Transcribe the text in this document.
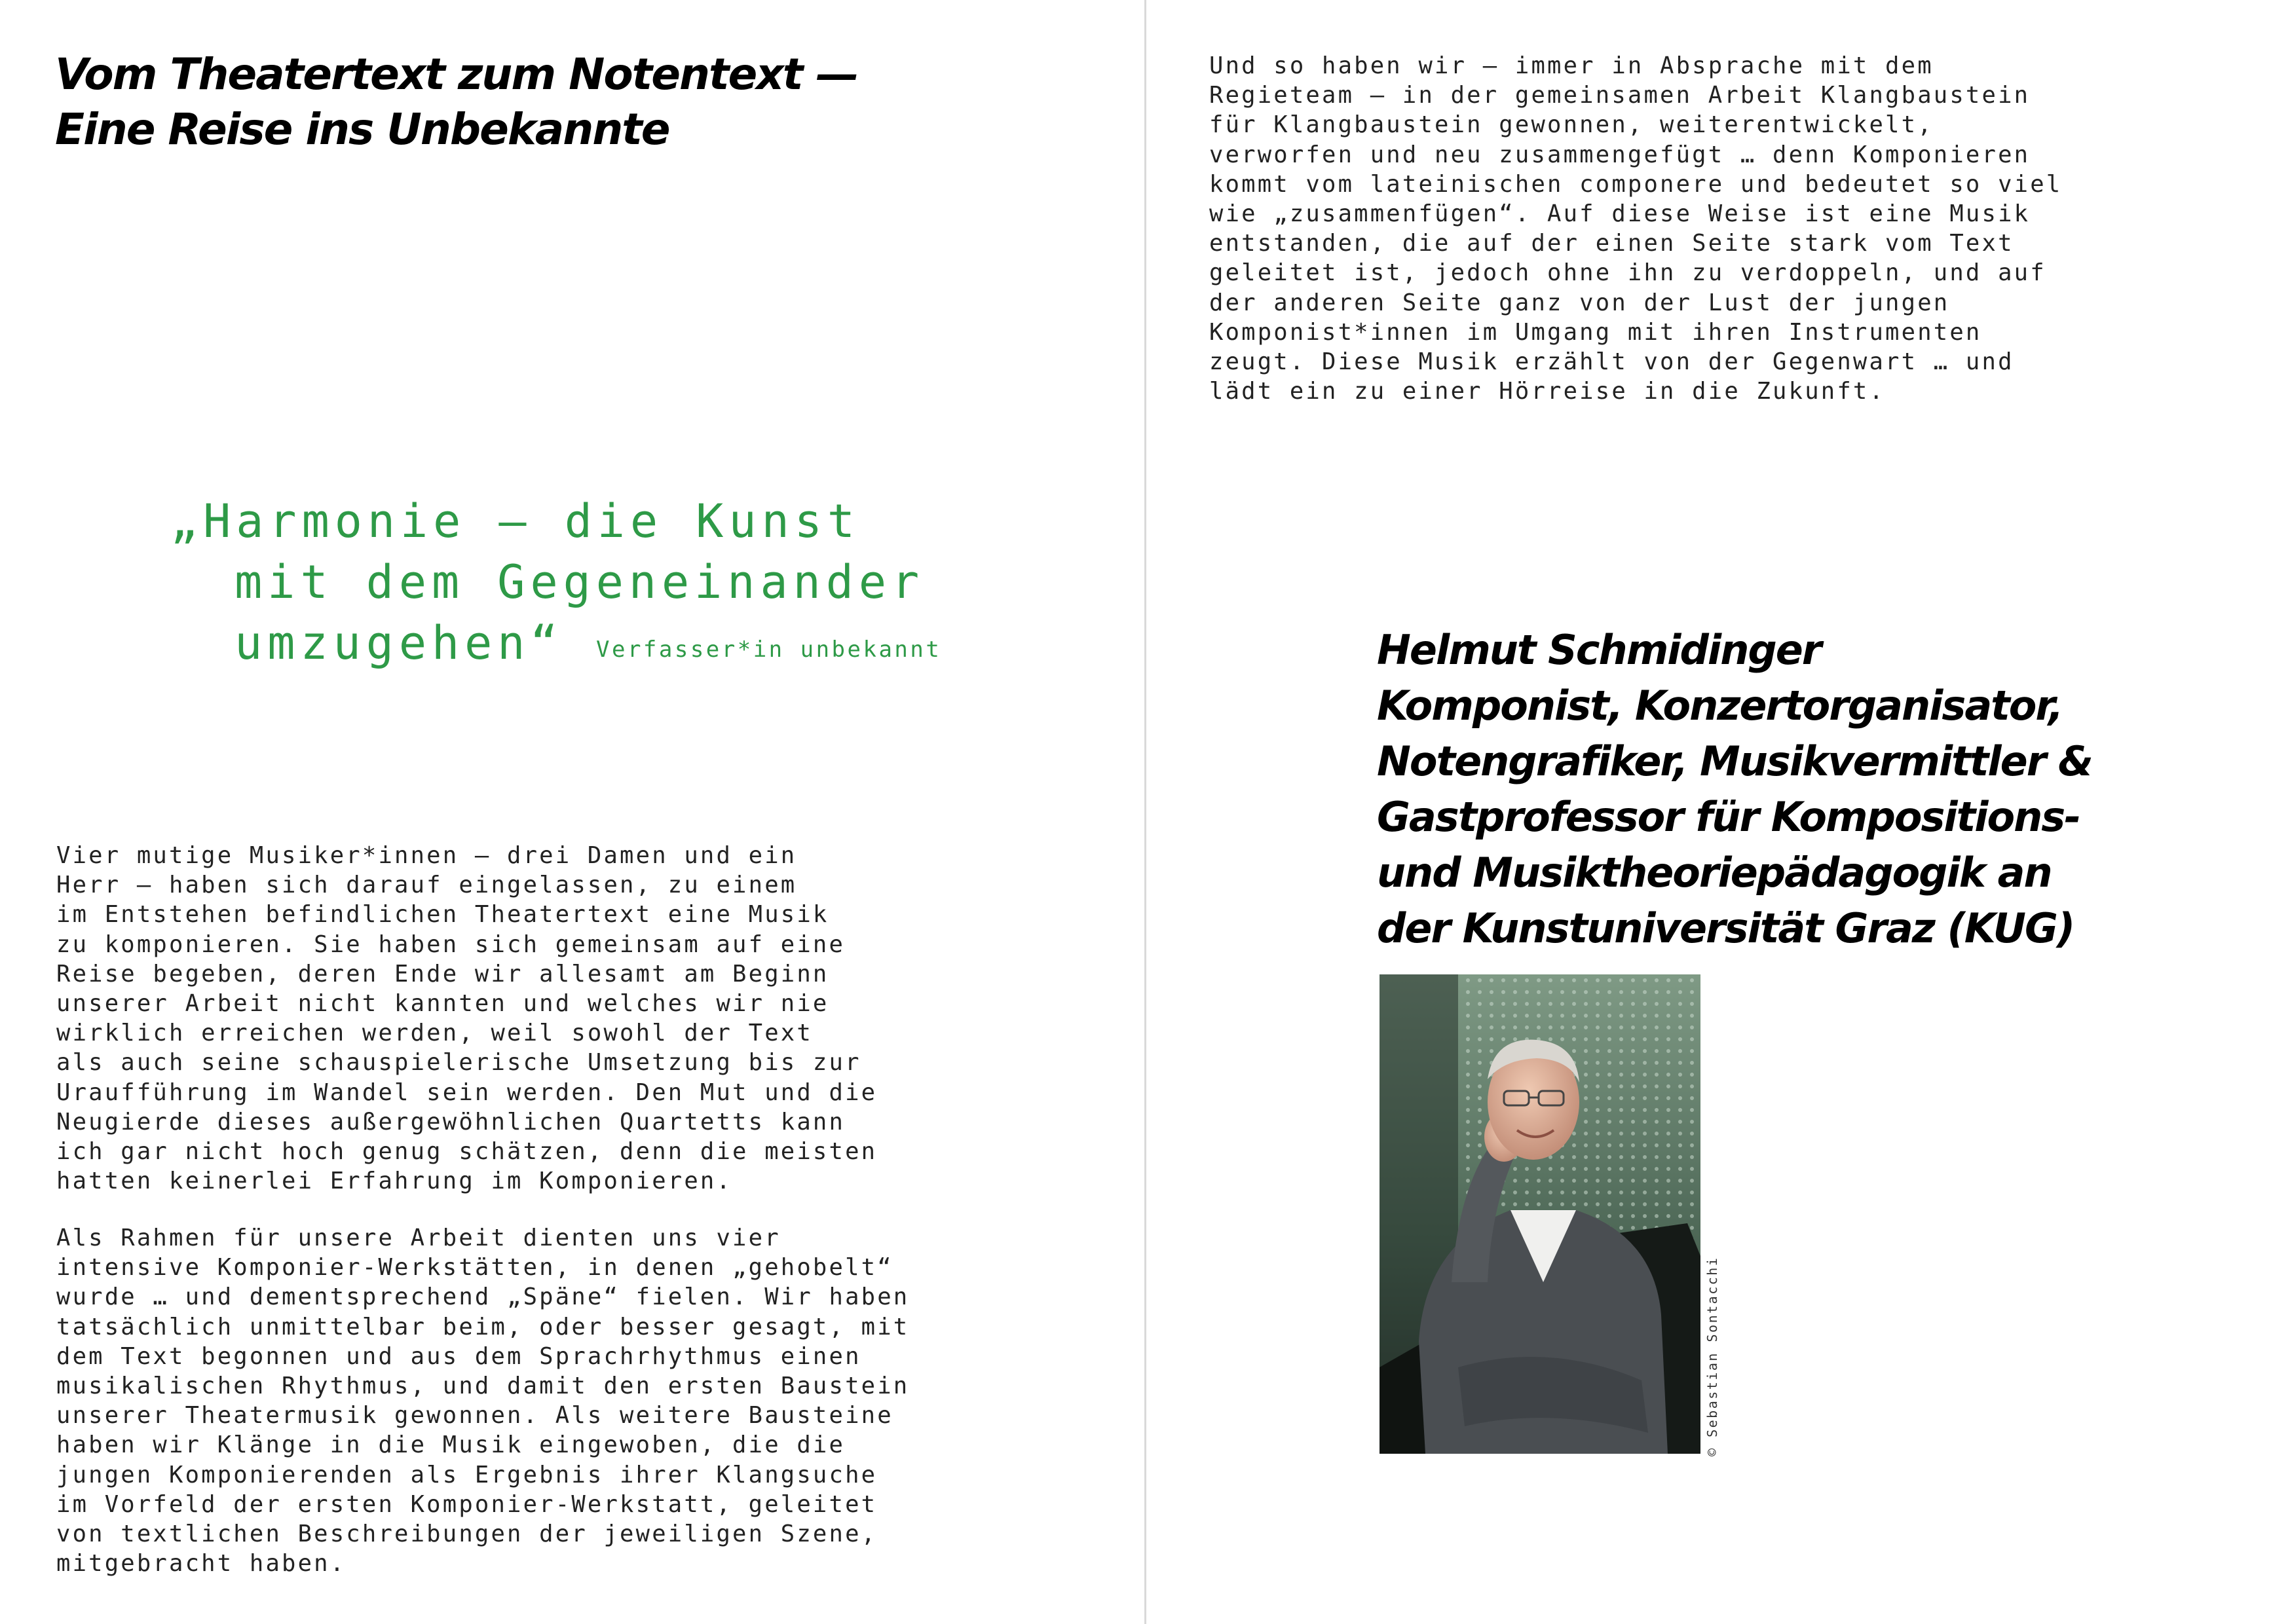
Vom Theatertext zum Notentext —
Eine Reise ins Unbekannte

„Harmonie — die Kunst
mit dem Gegeneinander
umzugehen“	Verfasser*in unbekannt

Vier mutige Musiker*innen — drei Damen und ein
Herr — haben sich darauf eingelassen, zu einem
im Entstehen befindlichen Theatertext eine Musik
zu komponieren. Sie haben sich gemeinsam auf eine
Reise begeben, deren Ende wir allesamt am Beginn
unserer Arbeit nicht kannten und welches wir nie
wirklich erreichen werden, weil sowohl der Text
als auch seine schauspielerische Umsetzung bis zur
Uraufführung im Wandel sein werden. Den Mut und die
Neugierde dieses außergewöhnlichen Quartetts kann
ich gar nicht hoch genug schätzen, denn die meisten
hatten keinerlei Erfahrung im Komponieren.

Als Rahmen für unsere Arbeit dienten uns vier
intensive Komponier-Werkstätten, in denen „gehobelt“
wurde … und dementsprechend „Späne“ fielen. Wir haben
tatsächlich unmittelbar beim, oder besser gesagt, mit
dem Text begonnen und aus dem Sprachrhythmus einen
musikalischen Rhythmus, und damit den ersten Baustein
unserer Theatermusik gewonnen. Als weitere Bausteine
haben wir Klänge in die Musik eingewoben, die die
jungen Komponierenden als Ergebnis ihrer Klangsuche
im Vorfeld der ersten Komponier-Werkstatt, geleitet
von textlichen Beschreibungen der jeweiligen Szene,
mitgebracht haben.

Und so haben wir — immer in Absprache mit dem
Regieteam — in der gemeinsamen Arbeit Klangbaustein
für Klangbaustein gewonnen, weiterentwickelt,
verworfen und neu zusammengefügt … denn Komponieren
kommt vom lateinischen componere und bedeutet so viel
wie „zusammenfügen“. Auf diese Weise ist eine Musik
entstanden, die auf der einen Seite stark vom Text
geleitet ist, jedoch ohne ihn zu verdoppeln, und auf
der anderen Seite ganz von der Lust der jungen
Komponist*innen im Umgang mit ihren Instrumenten
zeugt. Diese Musik erzählt von der Gegenwart … und
lädt ein zu einer Hörreise in die Zukunft.

Helmut Schmidinger
Komponist, Konzertorganisator,
Notengrafiker, Musikvermittler &
Gastprofessor für Kompositions-
und Musiktheoriepädagogik an
der Kunstuniversität Graz (KUG)

© Sebastian Sontacchi
